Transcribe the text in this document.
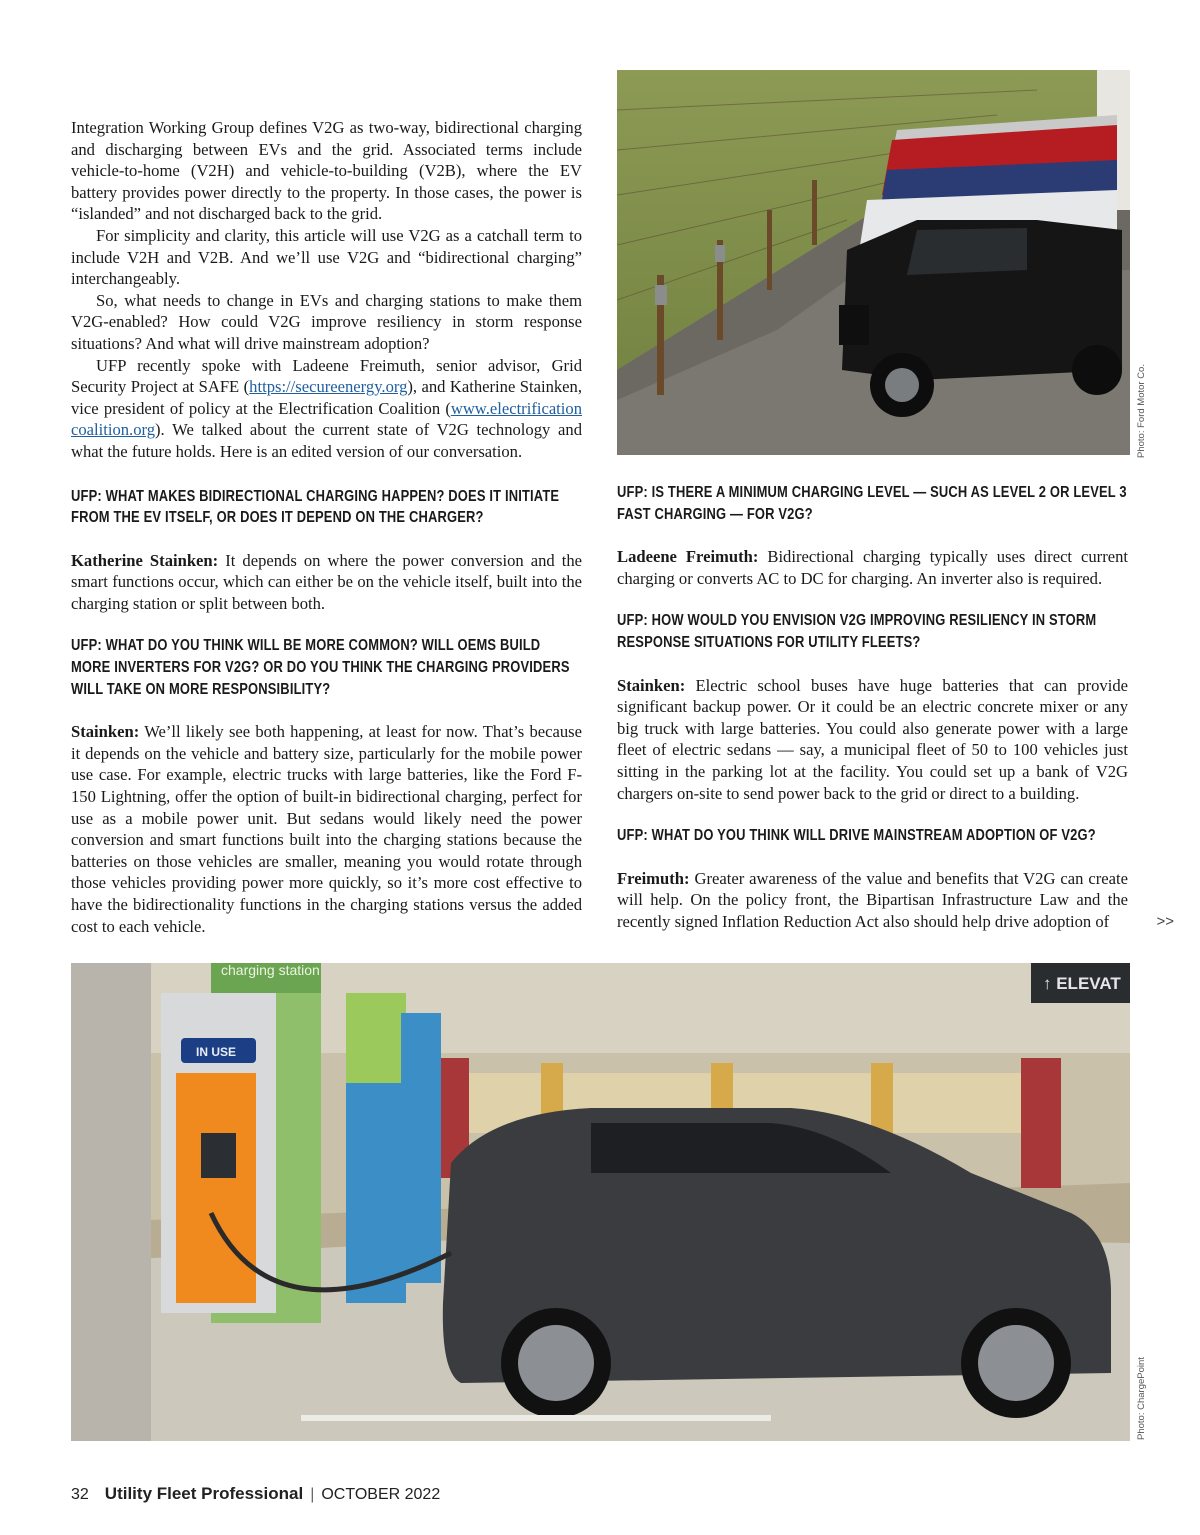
Integration Working Group defines V2G as two-way, bidirectional charging and discharging between EVs and the grid. Associated terms include vehicle-to-home (V2H) and vehicle-to-building (V2B), where the EV battery provides power directly to the property. In those cases, the power is “islanded” and not discharged back to the grid.

For simplicity and clarity, this article will use V2G as a catchall term to include V2H and V2B. And we’ll use V2G and “bidirectional charging” interchangeably.

So, what needs to change in EVs and charging stations to make them V2G-enabled? How could V2G improve resiliency in storm response situations? And what will drive mainstream adoption?

UFP recently spoke with Ladeene Freimuth, senior advisor, Grid Security Project at SAFE (https://secureenergy.org), and Katherine Stainken, vice president of policy at the Electrification Coalition (www.electrification coalition.org). We talked about the current state of V2G technology and what the future holds. Here is an edited version of our conversation.

UFP: WHAT MAKES BIDIRECTIONAL CHARGING HAPPEN? DOES IT INITIATE FROM THE EV ITSELF, OR DOES IT DEPEND ON THE CHARGER?

Katherine Stainken: It depends on where the power conversion and the smart functions occur, which can either be on the vehicle itself, built into the charging station or split between both.

UFP: WHAT DO YOU THINK WILL BE MORE COMMON? WILL OEMS BUILD MORE INVERTERS FOR V2G? OR DO YOU THINK THE CHARGING PROVIDERS WILL TAKE ON MORE RESPONSIBILITY?

Stainken: We’ll likely see both happening, at least for now. That’s because it depends on the vehicle and battery size, particularly for the mobile power use case. For example, electric trucks with large batteries, like the Ford F-150 Lightning, offer the option of built-in bidirectional charging, perfect for use as a mobile power unit. But sedans would likely need the power conversion and smart functions built into the charging stations because the batteries on those vehicles are smaller, meaning you would rotate through those vehicles providing power more quickly, so it’s more cost effective to have the bidirectionality functions in the charging stations versus the added cost to each vehicle.

UFP: IS THERE A MINIMUM CHARGING LEVEL — SUCH AS LEVEL 2 OR LEVEL 3 FAST CHARGING — FOR V2G?

Ladeene Freimuth: Bidirectional charging typically uses direct current charging or converts AC to DC for charging. An inverter also is required.

UFP: HOW WOULD YOU ENVISION V2G IMPROVING RESILIENCY IN STORM RESPONSE SITUATIONS FOR UTILITY FLEETS?

Stainken: Electric school buses have huge batteries that can provide significant backup power. Or it could be an electric concrete mixer or any big truck with large batteries. You could also generate power with a large fleet of electric sedans — say, a municipal fleet of 50 to 100 vehicles just sitting in the parking lot at the facility. You could set up a bank of V2G chargers on-site to send power back to the grid or direct to a building.

UFP: WHAT DO YOU THINK WILL DRIVE MAINSTREAM ADOPTION OF V2G?

Freimuth: Greater awareness of the value and benefits that V2G can create will help. On the policy front, the Bipartisan Infrastructure Law and the recently signed Inflation Reduction Act also should help drive adoption of	>>

Photo: Ford Motor Co.
charging station
IN USE
↑ ELEVAT
Photo: ChargePoint
32 Utility Fleet Professional | OCTOBER 2022
